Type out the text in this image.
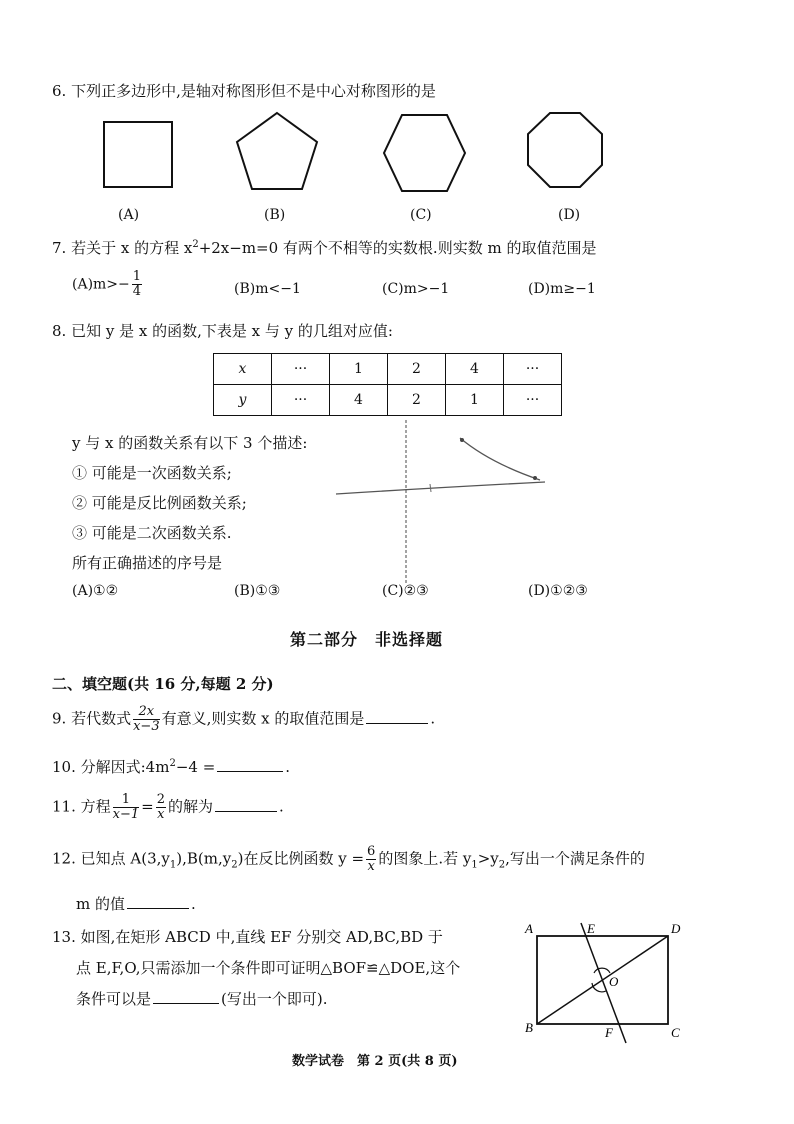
6. 下列正多边形中,是轴对称图形但不是中心对称图形的是
(A)	(B)	(C)	(D)
7. 若关于 x 的方程 $x^2+2x-m=0$ 有两个不相等的实数根.则实数 m 的取值范围是
$(A)m>- \frac{1}{4}$	(B)m<−1	(C)m>−1	(D)m≥−1
8. 已知 y 是 x 的函数,下表是 x 与 y 的几组对应值:
x	···	1	2	4	···
y	···	4	2	1	···
y 与 x 的函数关系有以下 3 个描述:
① 可能是一次函数关系;
② 可能是反比例函数关系;
③ 可能是二次函数关系.
所有正确描述的序号是
(A)①②	(B)①③	(C)②③	(D)①②③
第二部分　非选择题
二、填空题(共 16 分,每题 2 分)
9. 若代数式 $\frac{2x}{x-3}$ 有意义,则实数 x 的取值范围是	.
10. 分解因式$:4m^2-4$ =	.
11. 方程 $\frac{1}{x-1} = \frac{2}{x}$ 的解为	.
12. 已知点 $A(3,y_1),B(m,y_2)$在反比例函数 $y = \frac{6}{x}$ 的图象上.若 $y_1>y_2$,写出一个满足条件的
m 的值	.
13. 如图,在矩形 ABCD 中,直线 EF 分别交 AD,BC,BD 于
点 E,F,O,只需添加一个条件即可证明△BOF≌△DOE,这个
条件可以是	(写出一个即可).
A	E	D
O
B	F	C
数学试卷　第 2 页(共 8 页)
